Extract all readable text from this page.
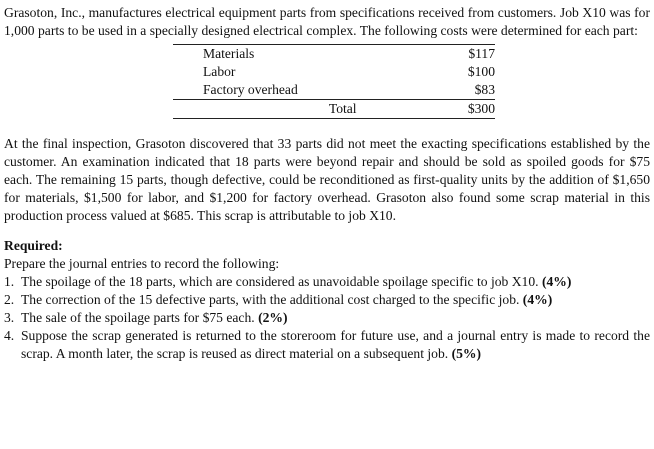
Grasoton, Inc., manufactures electrical equipment parts from specifications received from customers. Job X10 was for 1,000 parts to be used in a specially designed electrical complex. The following costs were determined for each part:

Materials	$117
Labor	$100
Factory overhead	$83
Total	$300

At the final inspection, Grasoton discovered that 33 parts did not meet the exacting specifications established by the customer. An examination indicated that 18 parts were beyond repair and should be sold as spoiled goods for $75 each. The remaining 15 parts, though defective, could be reconditioned as first-quality units by the addition of $1,650 for materials, $1,500 for labor, and $1,200 for factory overhead. Grasoton also found some scrap material in this production process valued at $685. This scrap is attributable to job X10.

Required:

Prepare the journal entries to record the following:

1. The spoilage of the 18 parts, which are considered as unavoidable spoilage specific to job X10. (4%)
2. The correction of the 15 defective parts, with the additional cost charged to the specific job. (4%)
3. The sale of the spoilage parts for $75 each. (2%)
4. Suppose the scrap generated is returned to the storeroom for future use, and a journal entry is made to record the scrap. A month later, the scrap is reused as direct material on a subsequent job. (5%)
